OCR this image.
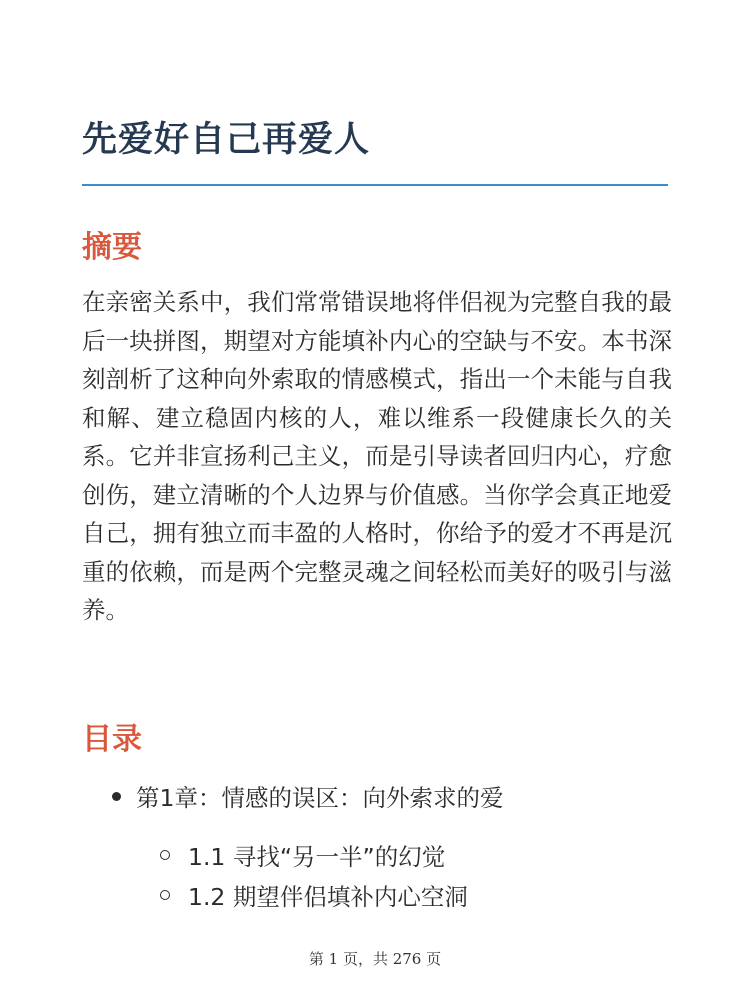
先爱好自己再爱人
摘要

在亲密关系中，我们常常错误地将伴侣视为完整自我的最后一块拼图，期望对方能填补内心的空缺与不安。本书深刻剖析了这种向外索取的情感模式，指出一个未能与自我和解、建立稳固内核的人，难以维系一段健康长久的关系。它并非宣扬利己主义，而是引导读者回归内心，疗愈创伤，建立清晰的个人边界与价值感。当你学会真正地爱自己，拥有独立而丰盈的人格时，你给予的爱才不再是沉重的依赖，而是两个完整灵魂之间轻松而美好的吸引与滋养。

目录
第1章：情感的误区：向外索求的爱
1.1 寻找“另一半”的幻觉
1.2 期望伴侣填补内心空洞
第 1 页，共 276 页
